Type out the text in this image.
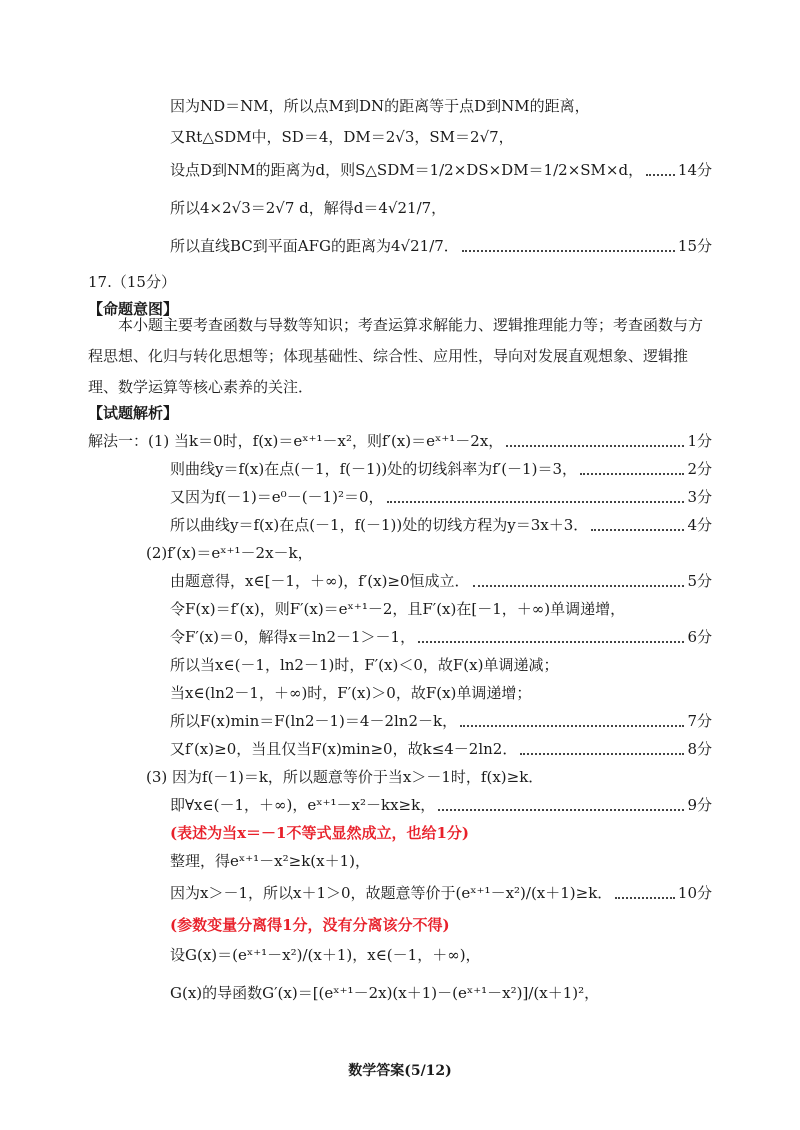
因为ND＝NM，所以点M到DN的距离等于点D到NM的距离，
又Rt△SDM中，SD＝4，DM＝2√3，SM＝2√7，
设点D到NM的距离为d，则S△SDM＝1/2×DS×DM＝1/2×SM×d， 14分
所以4×2√3＝2√7 d，解得d＝4√21/7，
所以直线BC到平面AFG的距离为4√21/7．	15分
17.（15分）
【命题意图】
本小题主要考查函数与导数等知识；考查运算求解能力、逻辑推理能力等；考查函数与方程思想、化归与转化思想等；体现基础性、综合性、应用性，导向对发展直观想象、逻辑推理、数学运算等核心素养的关注．
【试题解析】
解法一：(1) 当k＝0时，f(x)＝eˣ⁺¹－x²，则f′(x)＝eˣ⁺¹－2x，	1分
则曲线y＝f(x)在点(－1，f(－1))处的切线斜率为f′(－1)＝3，	2分
又因为f(－1)＝e⁰－(－1)²＝0，	3分
所以曲线y＝f(x)在点(－1，f(－1))处的切线方程为y＝3x＋3．	4分
(2)f′(x)＝eˣ⁺¹－2x－k，
由题意得，x∈[－1，＋∞)，f′(x)≥0恒成立．	5分
令F(x)＝f′(x)，则F′(x)＝eˣ⁺¹－2，且F′(x)在[－1，＋∞)单调递增，
令F′(x)＝0，解得x＝ln2－1＞－1，	6分
所以当x∈(－1，ln2－1)时，F′(x)＜0，故F(x)单调递减；
当x∈(ln2－1，＋∞)时，F′(x)＞0，故F(x)单调递增；
所以F(x)min＝F(ln2－1)＝4－2ln2－k，	7分
又f′(x)≥0，当且仅当F(x)min≥0，故k≤4－2ln2．	8分
(3) 因为f(－1)＝k，所以题意等价于当x＞－1时，f(x)≥k．
即∀x∈(－1，＋∞)，eˣ⁺¹－x²－kx≥k，	9分
(表述为当x＝－1不等式显然成立，也给1分)
整理，得eˣ⁺¹－x²≥k(x＋1)，
因为x＞－1，所以x＋1＞0，故题意等价于(eˣ⁺¹－x²)/(x＋1)≥k．	10分
(参数变量分离得1分，没有分离该分不得)
设G(x)＝(eˣ⁺¹－x²)/(x＋1)，x∈(－1，＋∞)，
G(x)的导函数G′(x)＝[(eˣ⁺¹－2x)(x＋1)－(eˣ⁺¹－x²)]/(x＋1)²，
数学答案(5/12)
